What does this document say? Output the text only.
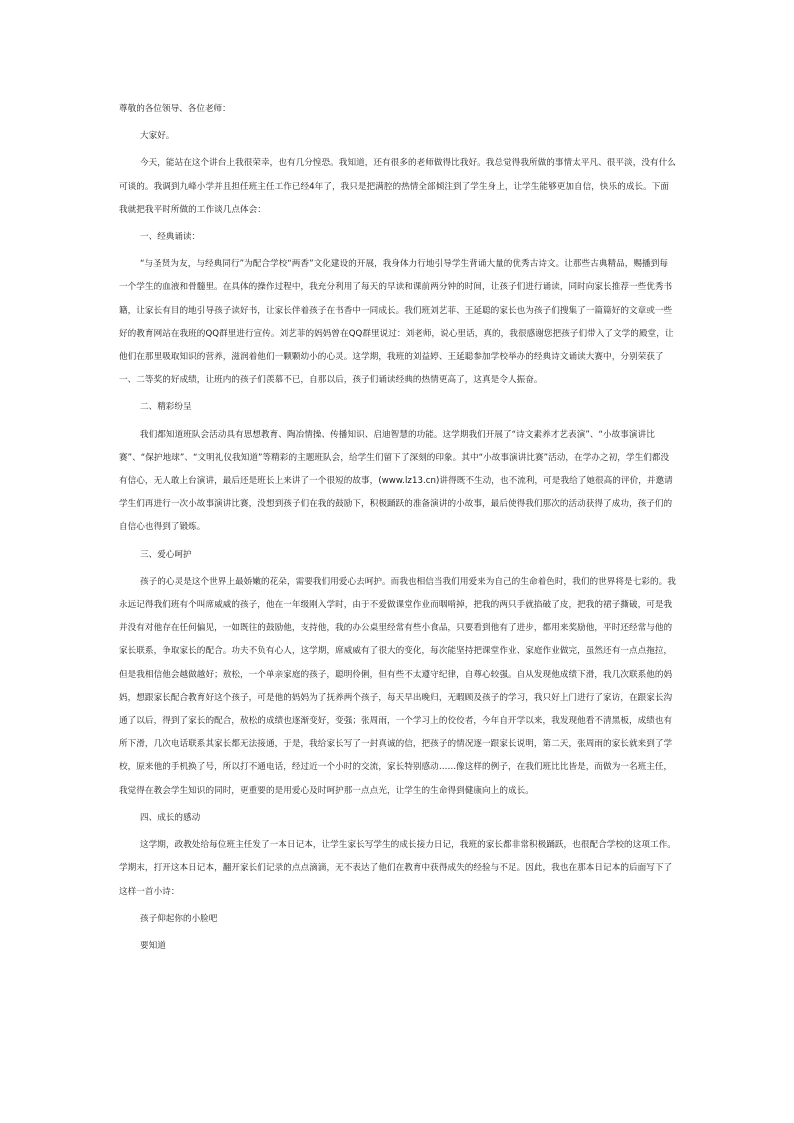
尊敬的各位领导、各位老师：

大家好。

今天，能站在这个讲台上我很荣幸，也有几分惶恐。我知道，还有很多的老师做得比我好。我总觉得我所做的事情太平凡、很平淡，没有什么可谈的。我调到九峰小学并且担任班主任工作已经4年了，我只是把满腔的热情全部倾注到了学生身上，让学生能够更加自信，快乐的成长。下面我就把我平时所做的工作谈几点体会：

一、经典诵读：

“与圣贤为友，与经典同行”为配合学校“两香”文化建设的开展，我身体力行地引导学生背诵大量的优秀古诗文。让那些古典精品，赐播到每一个学生的血液和骨髓里。在具体的操作过程中，我充分利用了每天的早读和课前两分钟的时间，让孩子们进行诵读，同时向家长推荐一些优秀书籍，让家长有目的地引导孩子读好书，让家长伴着孩子在书香中一同成长。我们班刘艺菲、王延聪的家长也为孩子们搜集了一篇篇好的文章或一些好的教育网站在我班的QQ群里进行宣传。刘艺菲的妈妈曾在QQ群里说过：刘老师，说心里话，真的，我很感谢您把孩子们带入了文学的殿堂，让他们在那里吸取知识的营养，滋润着他们一颗颗幼小的心灵。这学期，我班的刘益婷、王延聪参加学校举办的经典诗文诵读大赛中，分别荣获了一、二等奖的好成绩，让班内的孩子们羡慕不已，自那以后，孩子们诵读经典的热情更高了，这真是令人振奋。

二、精彩纷呈

我们都知道班队会活动具有思想教育、陶冶情操、传播知识、启迪智慧的功能。这学期我们开展了“诗文素养才艺表演”、“小故事演讲比赛”、“保护地球”、“文明礼仪我知道”等精彩的主题班队会，给学生们留下了深刻的印象。其中“小故事演讲比赛”活动，在学办之初，学生们都没有信心，无人敢上台演讲，最后还是班长上来讲了一个很短的故事，(www.lz13.cn)讲得既不生动，也不流利，可是我给了她很高的评价，并邀请学生们再进行一次小故事演讲比赛，没想到孩子们在我的鼓励下，积极踊跃的准备演讲的小故事，最后使得我们那次的活动获得了成功，孩子们的自信心也得到了锻炼。

三、爱心呵护

孩子的心灵是这个世界上最娇嫩的花朵，需要我们用爱心去呵护。而我也相信当我们用爱来为自己的生命着色时，我们的世界将是七彩的。我永远记得我们班有个叫席威威的孩子，他在一年级刚入学时，由于不爱做课堂作业而咽啃掉，把我的两只手就掐破了皮，把我的裙子撕破，可是我并没有对他存在任何偏见，一如既往的鼓励他，支持他，我的办公桌里经常有些小食品，只要看到他有了进步，都用来奖励他，平时还经常与他的家长联系，争取家长的配合。功夫不负有心人，这学期，席威威有了很大的变化，每次能坚持把课堂作业、家庭作业做完，虽然还有一点点拖拉，但是我相信他会越做越好；敖松，一个单亲家庭的孩子，聪明伶俐，但有些不太遵守纪律，自尊心较强。自从发现他成绩下滑，我几次联系他的妈妈，想跟家长配合教育好这个孩子，可是他的妈妈为了抚养两个孩子，每天早出晚归，无暇顾及孩子的学习，我只好上门进行了家访，在跟家长沟通了以后，得到了家长的配合，敖松的成绩也逐渐变好，变强；张周雨，一个学习上的佼佼者，今年自开学以来，我发现他看不清黑板，成绩也有所下滑，几次电话联系其家长都无法接通，于是，我给家长写了一封真诚的信，把孩子的情况逐一跟家长说明，第二天，张周雨的家长就来到了学校，原来他的手机换了号，所以打不通电话，经过近一个小时的交流，家长特别感动……像这样的例子，在我们班比比皆是，而做为一名班主任，我觉得在教会学生知识的同时，更重要的是用爱心及时呵护那一点点光，让学生的生命得到健康向上的成长。

四、成长的感动

这学期，政教处给每位班主任发了一本日记本，让学生家长写学生的成长接力日记，我班的家长都非常积极踊跃，也很配合学校的这项工作。学期末，打开这本日记本，翻开家长们记录的点点滴滴，无不表达了他们在教育中获得成失的经验与不足。因此，我也在那本日记本的后面写下了这样一首小诗：

孩子仰起你的小脸吧

要知道
